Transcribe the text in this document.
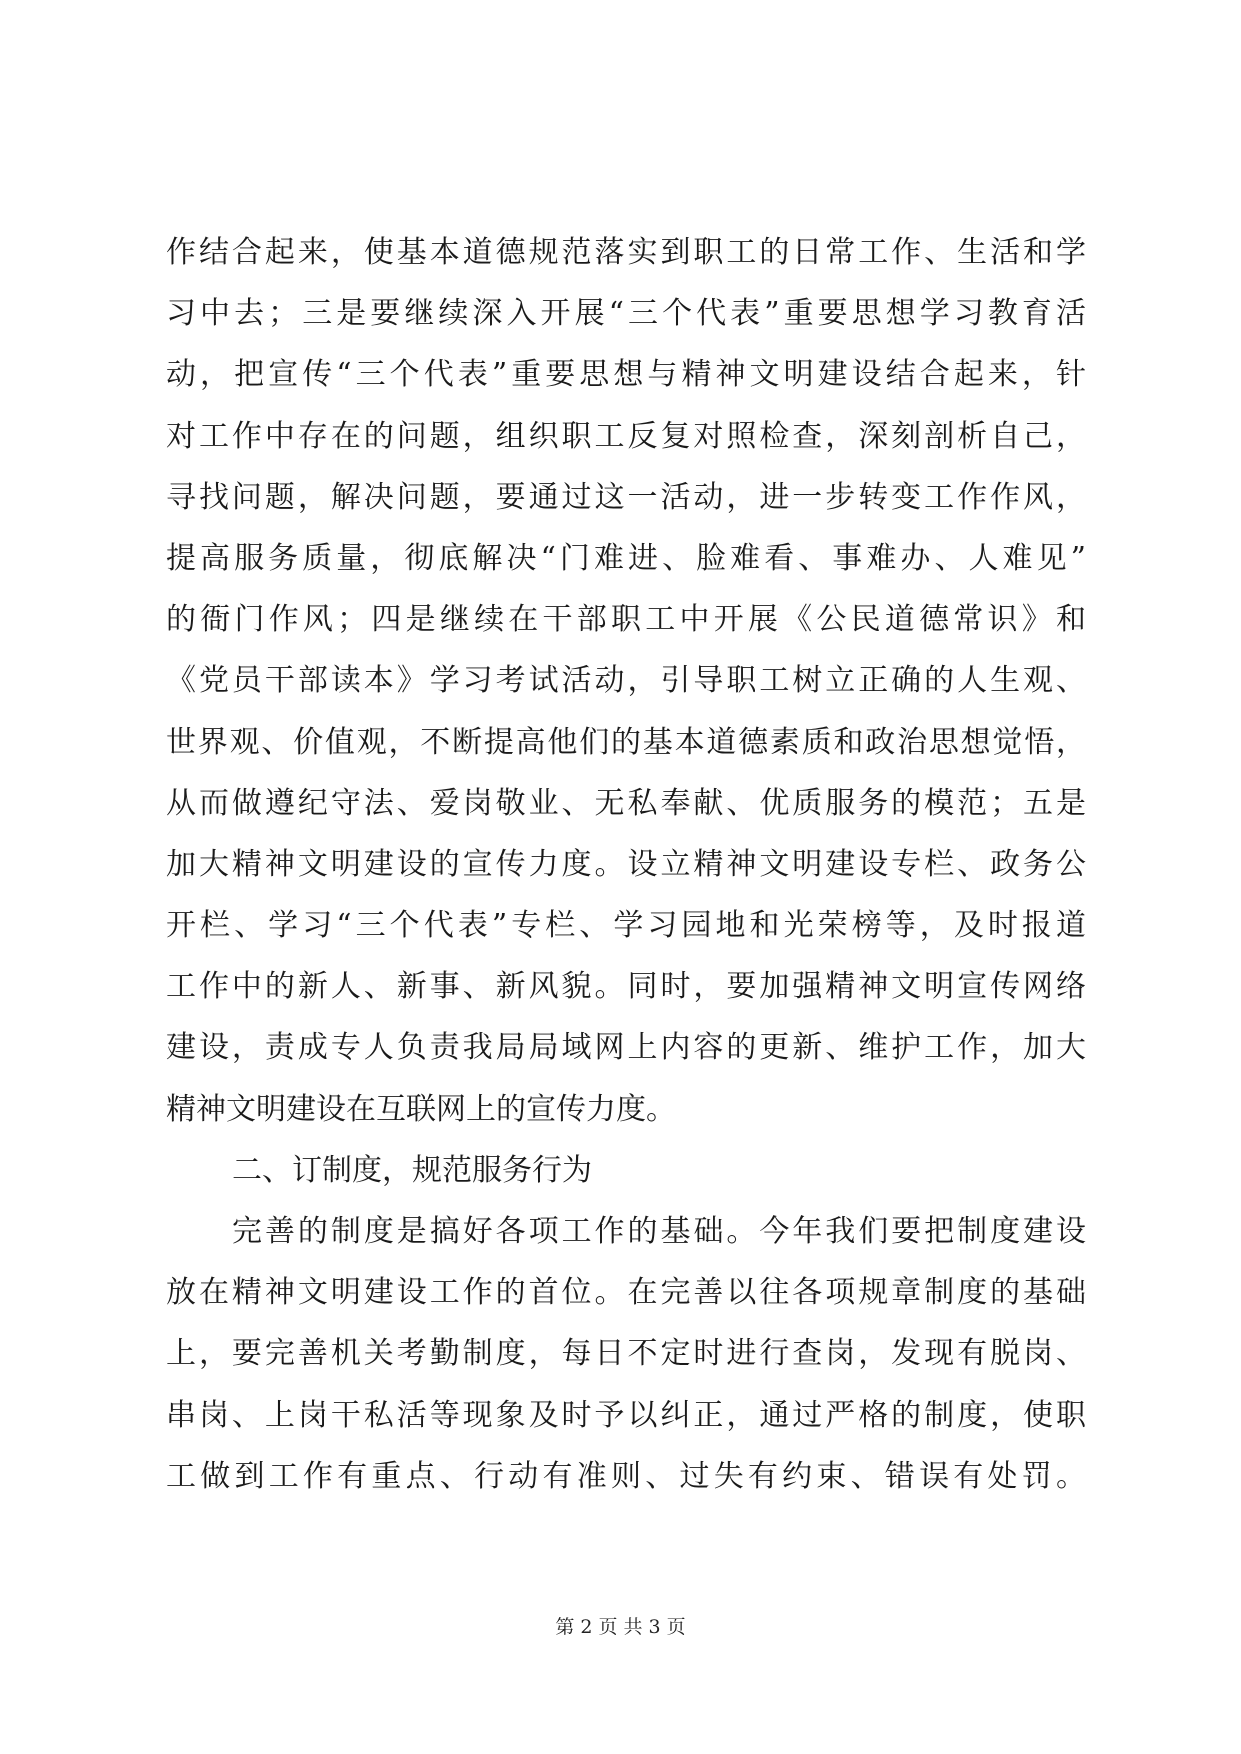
作结合起来，使基本道德规范落实到职工的日常工作、生活和学
习中去；三是要继续深入开展“三个代表”重要思想学习教育活
动，把宣传“三个代表”重要思想与精神文明建设结合起来，针
对工作中存在的问题，组织职工反复对照检查，深刻剖析自己，
寻找问题，解决问题，要通过这一活动，进一步转变工作作风，
提高服务质量，彻底解决“门难进、脸难看、事难办、人难见”
的衙门作风；四是继续在干部职工中开展《公民道德常识》和
《党员干部读本》学习考试活动，引导职工树立正确的人生观、
世界观、价值观，不断提高他们的基本道德素质和政治思想觉悟，
从而做遵纪守法、爱岗敬业、无私奉献、优质服务的模范；五是
加大精神文明建设的宣传力度。设立精神文明建设专栏、政务公
开栏、学习“三个代表”专栏、学习园地和光荣榜等，及时报道
工作中的新人、新事、新风貌。同时，要加强精神文明宣传网络
建设，责成专人负责我局局域网上内容的更新、维护工作，加大
精神文明建设在互联网上的宣传力度。
二、订制度，规范服务行为
完善的制度是搞好各项工作的基础。今年我们要把制度建设
放在精神文明建设工作的首位。在完善以往各项规章制度的基础
上，要完善机关考勤制度，每日不定时进行查岗，发现有脱岗、
串岗、上岗干私活等现象及时予以纠正，通过严格的制度，使职
工做到工作有重点、行动有准则、过失有约束、错误有处罚。
第 2 页 共 3 页
